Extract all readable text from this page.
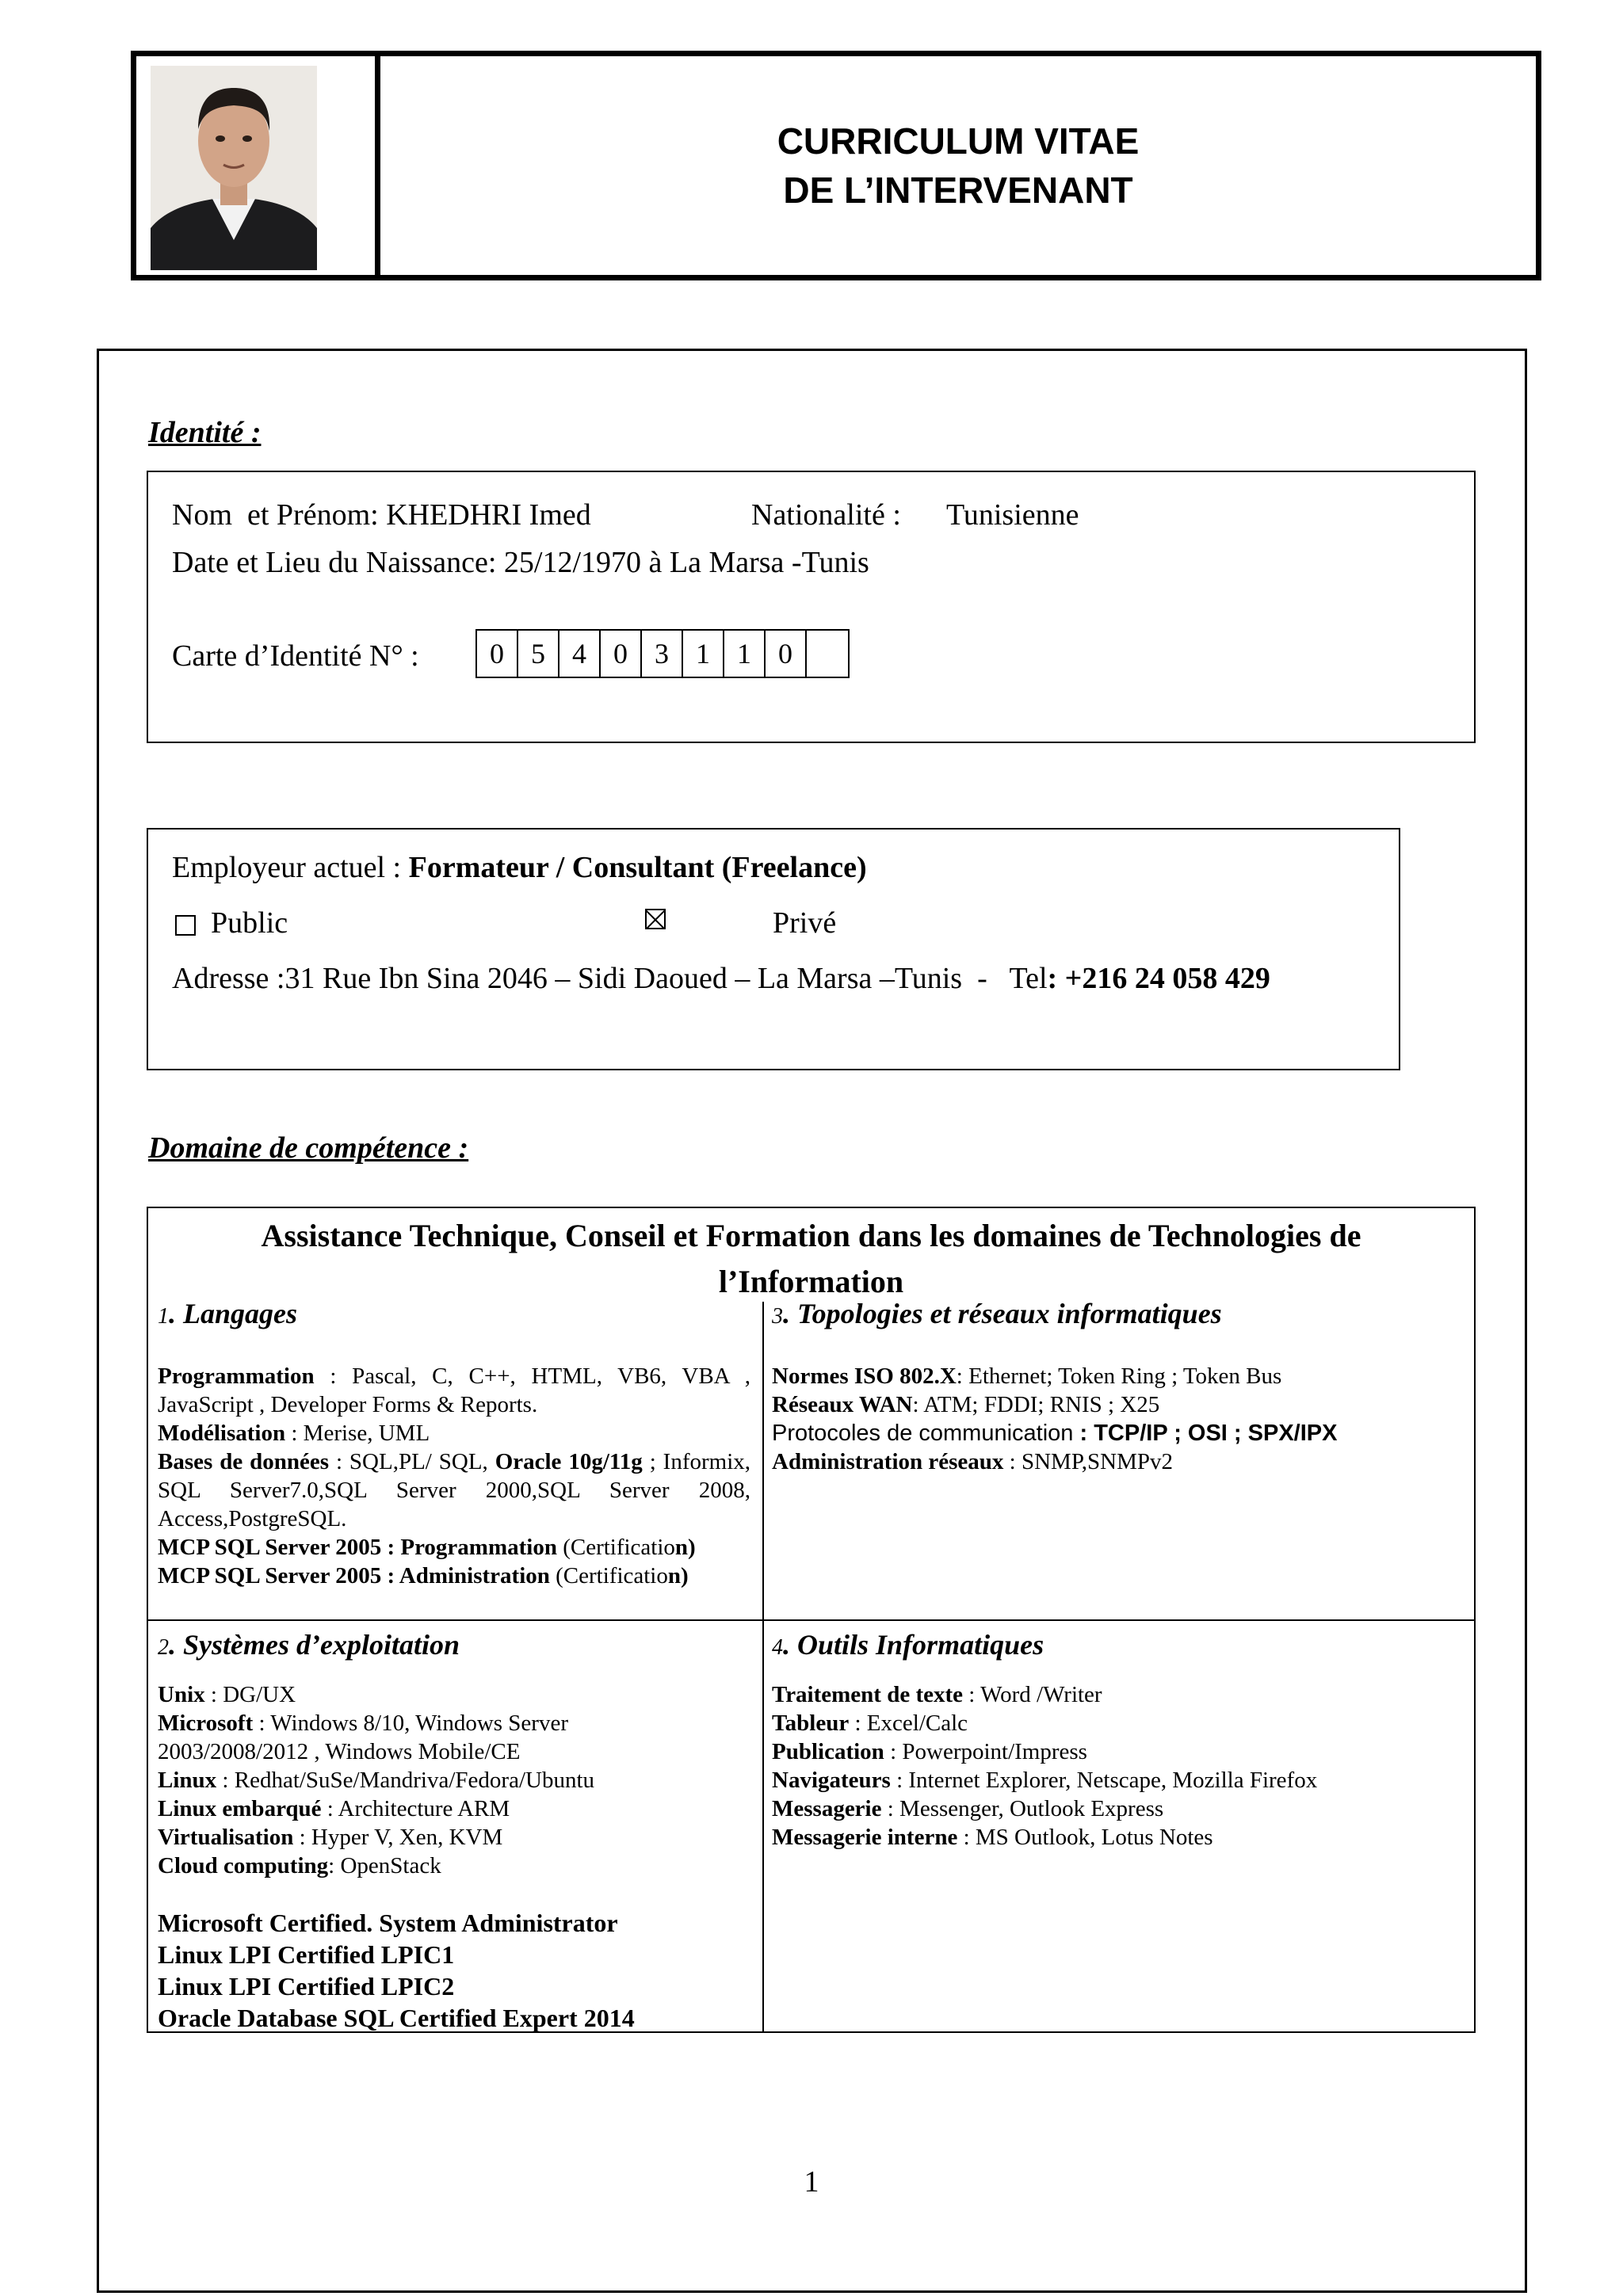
CURRICULUM VITAE
DE L’INTERVENANT
Identité :
Nom  et Prénom: KHEDHRI Imed	Nationalité : Tunisienne
Date et Lieu du Naissance: 25/12/1970 à La Marsa -Tunis
Carte d’Identité N° :	0 5 4 0 3 1 1 0
Employeur actuel : Formateur / Consultant (Freelance)
Public	Privé
Adresse :31 Rue Ibn Sina 2046 – Sidi Daoued – La Marsa –Tunis  -   Tel: +216 24 058 429
Domaine de compétence :
Assistance Technique, Conseil et Formation dans les domaines de Technologies de
l’Information
1. Langages
Programmation : Pascal, C, C++, HTML, VB6, VBA , JavaScript , Developer Forms & Reports.
Modélisation : Merise, UML
Bases de données : SQL,PL/ SQL, Oracle 10g/11g ; Informix, SQL Server7.0,SQL Server 2000,SQL Server 2008, Access,PostgreSQL.
MCP SQL Server 2005 : Programmation (Certification)
MCP SQL Server 2005 : Administration (Certification)
3. Topologies et réseaux informatiques
Normes ISO 802.X: Ethernet; Token Ring ; Token Bus
Réseaux WAN: ATM; FDDI; RNIS ; X25
Protocoles de communication : TCP/IP ; OSI ; SPX/IPX
Administration réseaux : SNMP,SNMPv2
2. Systèmes d’exploitation
Unix : DG/UX
Microsoft : Windows 8/10, Windows Server
2003/2008/2012 , Windows Mobile/CE
Linux : Redhat/SuSe/Mandriva/Fedora/Ubuntu
Linux embarqué : Architecture ARM
Virtualisation : Hyper V, Xen, KVM
Cloud computing: OpenStack
Microsoft Certified. System Administrator
Linux LPI Certified LPIC1
Linux LPI Certified LPIC2
Oracle Database SQL Certified Expert 2014
4. Outils Informatiques
Traitement de texte : Word /Writer
Tableur : Excel/Calc
Publication : Powerpoint/Impress
Navigateurs : Internet Explorer, Netscape, Mozilla Firefox
Messagerie : Messenger, Outlook Express
Messagerie interne : MS Outlook, Lotus Notes
1
